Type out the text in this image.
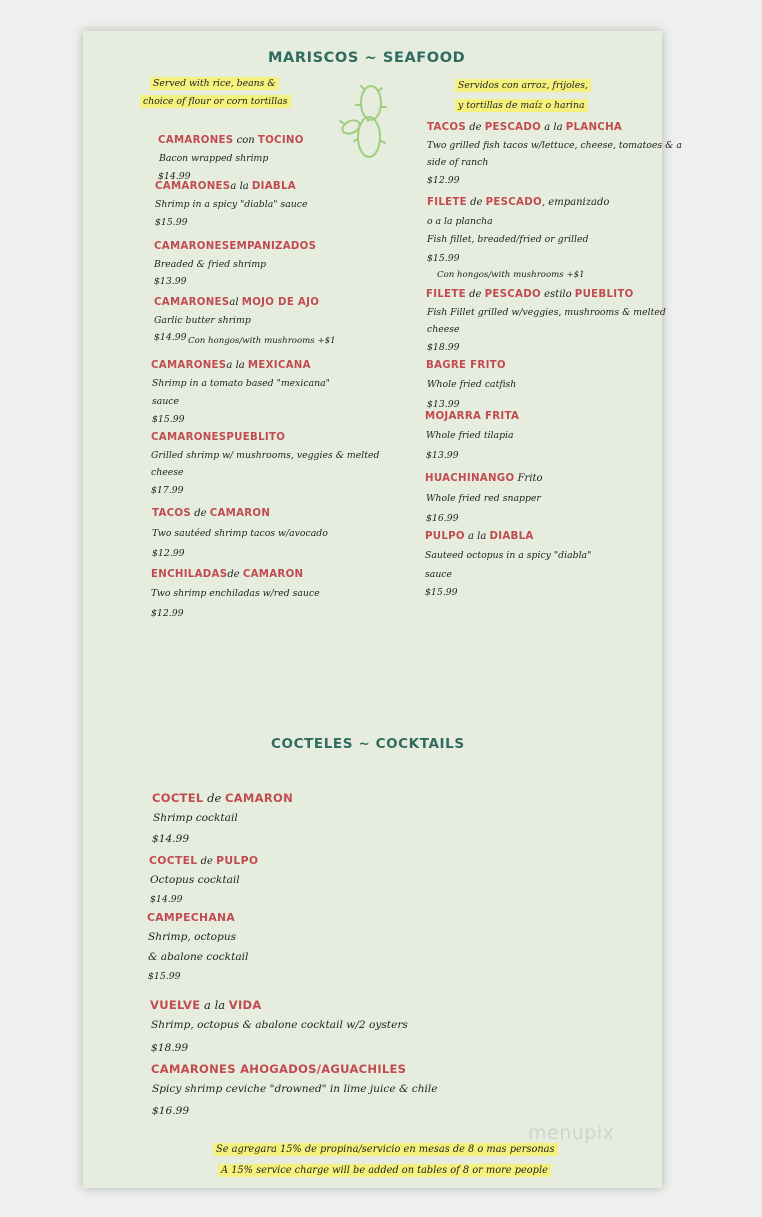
MARISCOS ~ SEAFOOD
Served with rice, beans &
choice of flour or corn tortillas
Servidos con arroz, frijoles,
y tortillas de maíz o harina
CAMARONES con TOCINO
Bacon wrapped shrimp
$14.99
CAMARONESa la DIABLA
Shrimp in a spicy "diabla" sauce
$15.99
CAMARONESEMPANIZADOS
Breaded & fried shrimp
$13.99
CAMARONESal MOJO DE AJO
Garlic butter shrimp
$14.99 Con hongos/with mushrooms +$1
CAMARONESa la MEXICANA
Shrimp in a tomato based "mexicana"
sauce
$15.99
CAMARONESPUEBLITO
Grilled shrimp w/ mushrooms, veggies & melted
cheese
$17.99
TACOS de CAMARON
Two sautéed shrimp tacos w/avocado
$12.99
ENCHILADASde CAMARON
Two shrimp enchiladas w/red sauce
$12.99
TACOS de PESCADO a la PLANCHA
Two grilled fish tacos w/lettuce, cheese, tomatoes & a
side of ranch
$12.99
FILETE de PESCADO, empanizado
o a la plancha
Fish fillet, breaded/fried or grilled
$15.99
Con hongos/with mushrooms +$1
FILETE de PESCADO estilo PUEBLITO
Fish Fillet grilled w/veggies, mushrooms & melted
cheese
$18.99
BAGRE FRITO
Whole fried catfish
$13.99
MOJARRA FRITA
Whole fried tilapia
$13.99
HUACHINANGO Frito
Whole fried red snapper
$16.99
PULPO a la DIABLA
Sauteed octopus in a spicy "diabla"
sauce
$15.99
COCTELES ~ COCKTAILS
COCTEL de CAMARON
Shrimp cocktail
$14.99
COCTEL de PULPO
Octopus cocktail
$14.99
CAMPECHANA
Shrimp, octopus
& abalone cocktail
$15.99
VUELVE a la VIDA
Shrimp, octopus & abalone cocktail w/2 oysters
$18.99
CAMARONES AHOGADOS/AGUACHILES
Spicy shrimp ceviche "drowned" in lime juice & chile
$16.99
Se agregara 15% de propina/servicio en mesas de 8 o mas personas
A 15% service charge will be added on tables of 8 or more people
menupix
